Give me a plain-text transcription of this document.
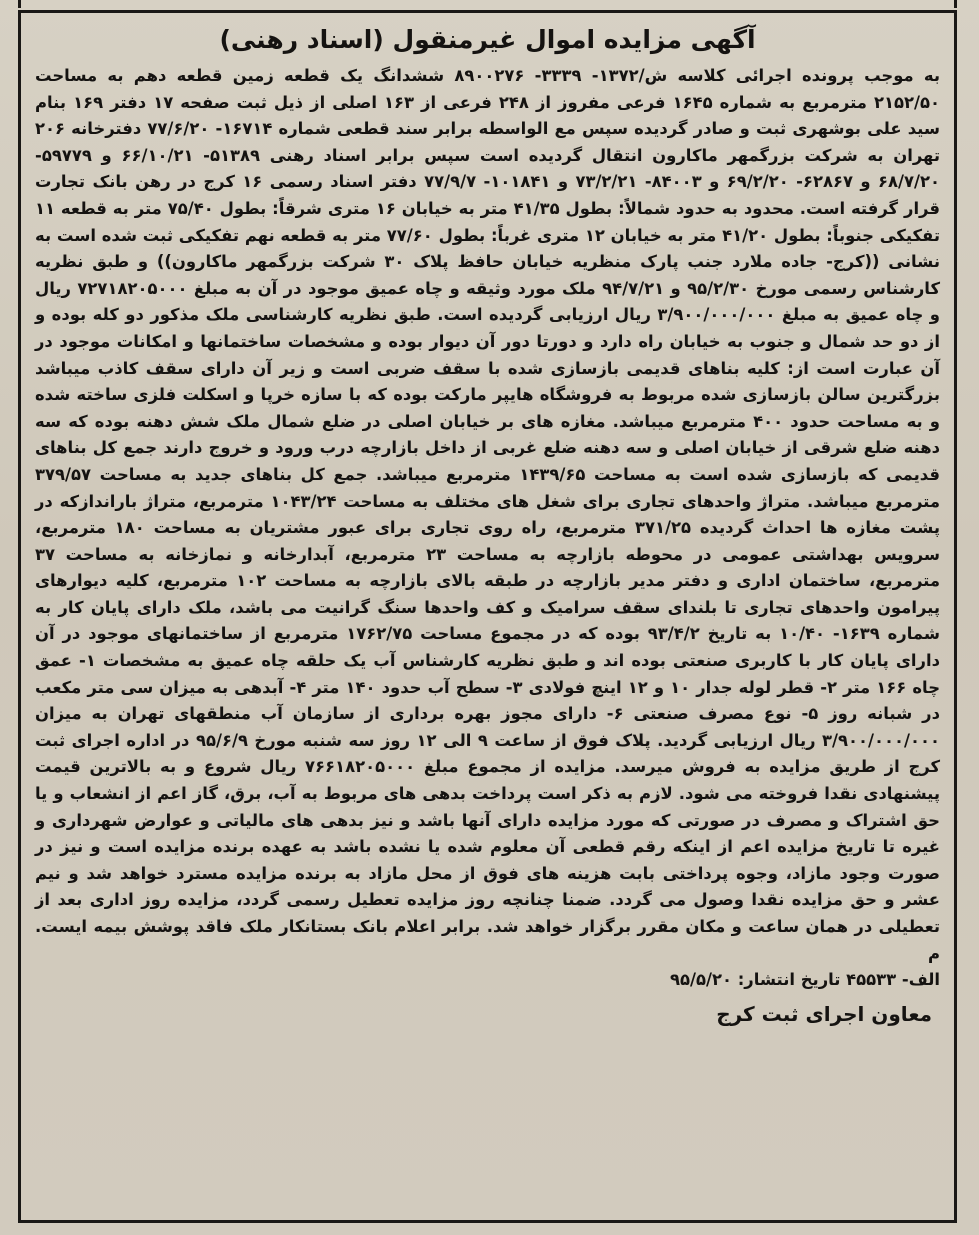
آگهی مزایده اموال غیرمنقول (اسناد رهنی)

به موجب پرونده اجرائی کلاسه ش/۱۳۷۲- ۳۳۳۹- ۸۹۰۰۲۷۶ ششدانگ یک قطعه زمین قطعه دهم به مساحت ۲۱۵۲/۵۰ مترمربع به شماره ۱۶۴۵ فرعی مفروز از ۲۴۸ فرعی از ۱۶۳ اصلی از ذیل ثبت صفحه ۱۷ دفتر ۱۶۹ بنام سید علی بوشهری ثبت و صادر گردیده سپس مع الواسطه برابر سند قطعی شماره ۱۶۷۱۴- ۷۷/۶/۲۰ دفترخانه ۲۰۶ تهران به شرکت بزرگمهر ماکارون انتقال گردیده است سپس برابر اسناد رهنی ۵۱۳۸۹- ۶۶/۱۰/۲۱ و ۵۹۷۷۹- ۶۸/۷/۲۰ و ۶۲۸۶۷- ۶۹/۲/۲۰ و ۸۴۰۰۳- ۷۳/۲/۲۱ و ۱۰۱۸۴۱- ۷۷/۹/۷ دفتر اسناد رسمی ۱۶ کرج در رهن بانک تجارت قرار گرفته است. محدود به حدود شمالاً: بطول ۴۱/۳۵ متر به خیابان ۱۶ متری شرقاً: بطول ۷۵/۴۰ متر به قطعه ۱۱ تفکیکی جنوباً: بطول ۴۱/۲۰ متر به خیابان ۱۲ متری غرباً: بطول ۷۷/۶۰ متر به قطعه نهم تفکیکی ثبت شده است به نشانی ((کرج- جاده ملارد جنب پارک منظریه خیابان حافظ پلاک ۳۰ شرکت بزرگمهر ماکارون)) و طبق نظریه کارشناس رسمی مورخ ۹۵/۲/۳۰ و ۹۴/۷/۲۱ ملک مورد وثیقه و چاه عمیق موجود در آن به مبلغ ۷۲۷۱۸۲۰۵۰۰۰ ریال و چاه عمیق به مبلغ ۳/۹۰۰/۰۰۰/۰۰۰ ریال ارزیابی گردیده است. طبق نظریه کارشناسی ملک مذکور دو کله بوده و از دو حد شمال و جنوب به خیابان راه دارد و دورتا دور آن دیوار بوده و مشخصات ساختمانها و امکانات موجود در آن عبارت است از: کلیه بناهای قدیمی بازسازی شده با سقف ضربی است و زیر آن دارای سقف کاذب میباشد بزرگترین سالن بازسازی شده مربوط به فروشگاه هایپر مارکت بوده که با سازه خرپا و اسکلت فلزی ساخته شده و به مساحت حدود ۴۰۰ مترمربع میباشد. مغازه های بر خیابان اصلی در ضلع شمال ملک شش دهنه بوده که سه دهنه ضلع شرقی از خیابان اصلی و سه دهنه ضلع غربی از داخل بازارچه درب ورود و خروج دارند جمع کل بناهای قدیمی که بازسازی شده است به مساحت ۱۴۳۹/۶۵ مترمربع میباشد. جمع کل بناهای جدید به مساحت ۳۷۹/۵۷ مترمربع میباشد. متراژ واحدهای تجاری برای شغل های مختلف به مساحت ۱۰۴۳/۲۴ مترمربع، متراژ باراندازکه در پشت مغازه ها احداث گردیده ۳۷۱/۲۵ مترمربع، راه روی تجاری برای عبور مشتریان به مساحت ۱۸۰ مترمربع، سرویس بهداشتی عمومی در محوطه بازارچه به مساحت ۲۳ مترمربع، آبدارخانه و نمازخانه به مساحت ۳۷ مترمربع، ساختمان اداری و دفتر مدیر بازارچه در طبقه بالای بازارچه به مساحت ۱۰۲ مترمربع، کلیه دیوارهای پیرامون واحدهای تجاری تا بلندای سقف سرامیک و کف واحدها سنگ گرانیت می باشد، ملک دارای پایان کار به شماره ۱۶۳۹- ۱۰/۴۰ به تاریخ ۹۳/۴/۲ بوده که در مجموع مساحت ۱۷۶۲/۷۵ مترمربع از ساختمانهای موجود در آن دارای پایان کار با کاربری صنعتی بوده اند و طبق نظریه کارشناس آب یک حلقه چاه عمیق به مشخصات ۱- عمق چاه ۱۶۶ متر ۲- قطر لوله جدار ۱۰ و ۱۲ اینچ فولادی ۳- سطح آب حدود ۱۴۰ متر ۴- آبدهی به میزان سی متر مکعب در شبانه روز ۵- نوع مصرف صنعتی ۶- دارای مجوز بهره برداری از سازمان آب منطقهای تهران به میزان ۳/۹۰۰/۰۰۰/۰۰۰ ریال ارزیابی گردید. پلاک فوق از ساعت ۹ الی ۱۲ روز سه شنبه مورخ ۹۵/۶/۹ در اداره اجرای ثبت کرج از طریق مزایده به فروش میرسد. مزایده از مجموع مبلغ ۷۶۶۱۸۲۰۵۰۰۰ ریال شروع و به بالاترین قیمت پیشنهادی نقدا فروخته می شود. لازم به ذکر است پرداخت بدهی های مربوط به آب، برق، گاز اعم از انشعاب و یا حق اشتراک و مصرف در صورتی که مورد مزایده دارای آنها باشد و نیز بدهی های مالیاتی و عوارض شهرداری و غیره تا تاریخ مزایده اعم از اینکه رقم قطعی آن معلوم شده یا نشده باشد به عهده برنده مزایده است و نیز در صورت وجود مازاد، وجوه پرداختی بابت هزینه های فوق از محل مازاد به برنده مزایده مسترد خواهد شد و نیم عشر و حق مزایده نقدا وصول می گردد. ضمنا چنانچه روز مزایده تعطیل رسمی گردد، مزایده روز اداری بعد از تعطیلی در همان ساعت و مکان مقرر برگزار خواهد شد. برابر اعلام بانک بستانکار ملک فاقد پوشش بیمه ایست. م

الف- ۴۵۵۳۳ تاریخ انتشار: ۹۵/۵/۲۰

معاون اجرای ثبت کرج
